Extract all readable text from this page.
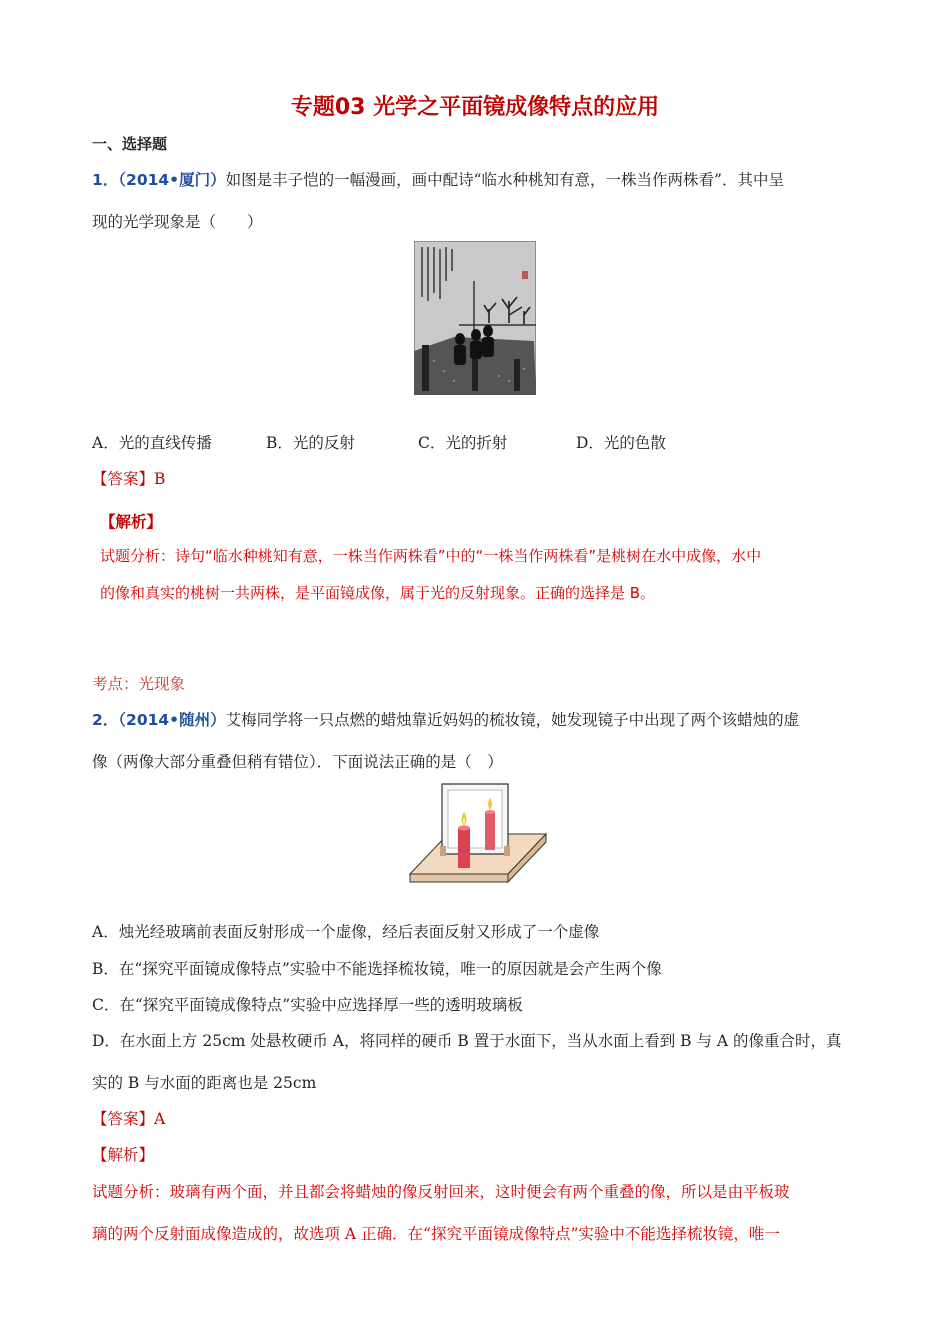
专题03 光学之平面镜成像特点的应用
一、选择题
1．（2014•厦门）如图是丰子恺的一幅漫画，画中配诗“临水种桃知有意，一株当作两株看”．其中呈
现的光学现象是（　　）
A．光的直线传播	B．光的反射	C．光的折射	D．光的色散
【答案】B
【解析】
试题分析：诗句“临水种桃知有意，一株当作两株看”中的“一株当作两株看”是桃树在水中成像，水中
的像和真实的桃树一共两株，是平面镜成像，属于光的反射现象。正确的选择是 B。
考点：光现象
2．（2014•随州）艾梅同学将一只点燃的蜡烛靠近妈妈的梳妆镜，她发现镜子中出现了两个该蜡烛的虚
像（两像大部分重叠但稍有错位）．下面说法正确的是（　）
A．烛光经玻璃前表面反射形成一个虚像，经后表面反射又形成了一个虚像
B．在“探究平面镜成像特点”实验中不能选择梳妆镜，唯一的原因就是会产生两个像
C．在“探究平面镜成像特点”实验中应选择厚一些的透明玻璃板
D．在水面上方 25cm 处悬枚硬币 A，将同样的硬币 B 置于水面下，当从水面上看到 B 与 A 的像重合时，真
实的 B 与水面的距离也是 25cm
【答案】A
【解析】
试题分析：玻璃有两个面，并且都会将蜡烛的像反射回来，这时便会有两个重叠的像，所以是由平板玻
璃的两个反射面成像造成的，故选项 A 正确．在“探究平面镜成像特点”实验中不能选择梳妆镜，唯一
